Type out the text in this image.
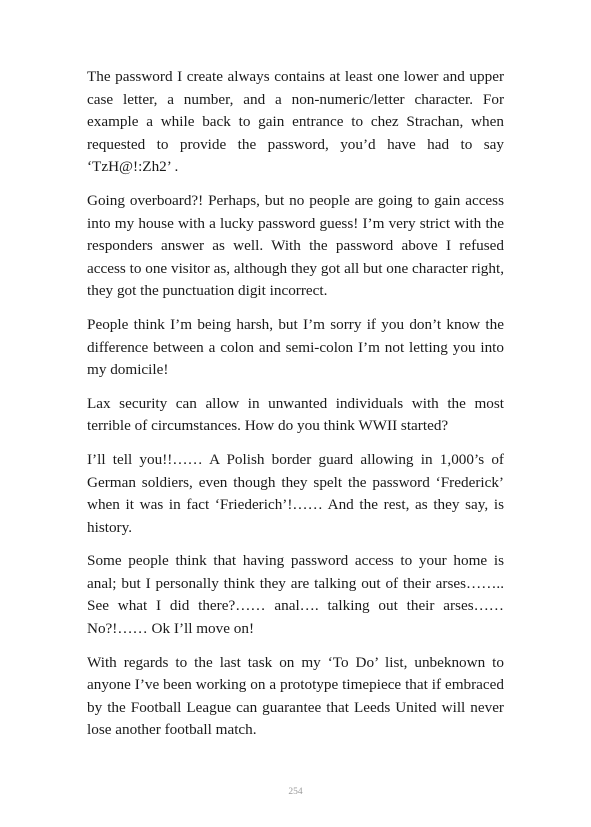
The password I create always contains at least one lower and upper case letter, a number, and a non-numeric/letter character. For example a while back to gain entrance to chez Strachan, when requested to provide the password, you’d have had to say ‘TzH@!:Zh2’ .

Going overboard?! Perhaps, but no people are going to gain access into my house with a lucky password guess! I’m very strict with the responders answer as well. With the password above I refused access to one visitor as, although they got all but one character right, they got the punctuation digit incorrect.

People think I’m being harsh, but I’m sorry if you don’t know the difference between a colon and semi-colon I’m not letting you into my domicile!

Lax security can allow in unwanted individuals with the most terrible of circumstances. How do you think WWII started?

I’ll tell you!!…… A Polish border guard allowing in 1,000’s of German soldiers, even though they spelt the password ‘Frederick’ when it was in fact ‘Friederich’!…… And the rest, as they say, is history.

Some people think that having password access to your home is anal; but I personally think they are talking out of their arses…….. See what I did there?…… anal…. talking out their arses…… No?!…… Ok I’ll move on!

With regards to the last task on my ‘To Do’ list, unbeknown to anyone I’ve been working on a prototype timepiece that if embraced by the Football League can guarantee that Leeds United will never lose another football match.

254
